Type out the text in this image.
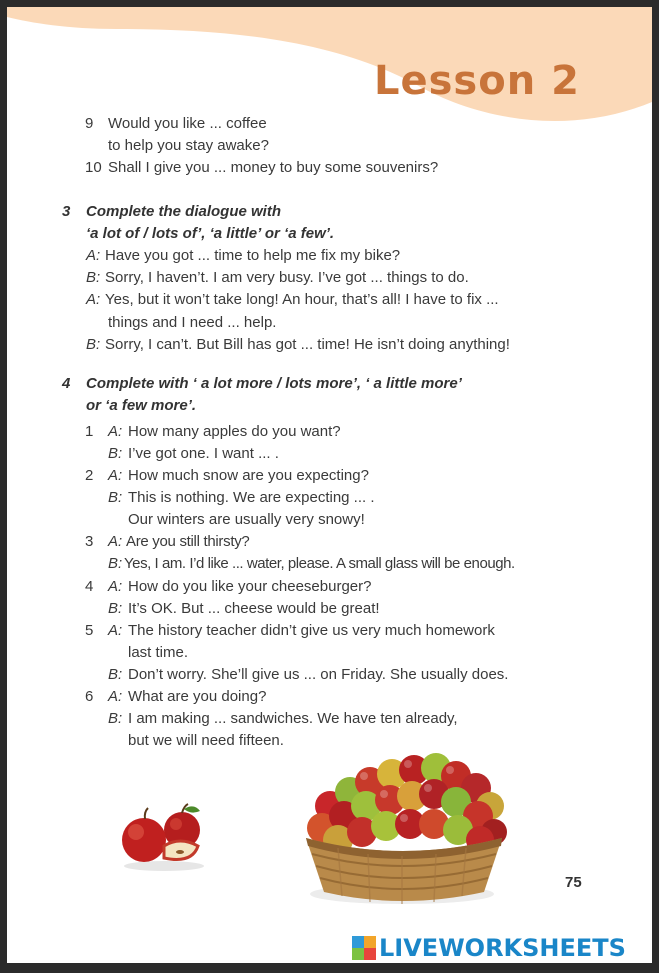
Lesson 2
9 Would you like ... coffee
to help you stay awake?
10 Shall I give you ... money to buy some souvenirs?
3 Complete the dialogue with
‘a lot of / lots of’, ‘a little’ or ‘a few’.
A: Have you got ... time to help me fix my bike?
B: Sorry, I haven’t. I am very busy. I’ve got ... things to do.
A: Yes, but it won’t take long! An hour, that’s all! I have to fix ...
things and I need ... help.
B: Sorry, I can’t. But Bill has got ... time! He isn’t doing anything!
4 Complete with ‘ a lot more / lots more’, ‘ a little more’
or ‘a few more’.
1 A: How many apples do you want?
B: I’ve got one. I want ... .
2 A: How much snow are you expecting?
B: This is nothing. We are expecting ... .
Our winters are usually very snowy!
3 A: Are you still thirsty?
B: Yes, I am. I’d like ... water, please. A small glass will be enough.
4 A: How do you like your cheeseburger?
B: It’s OK. But ... cheese would be great!
5 A: The history teacher didn’t give us very much homework
last time.
B: Don’t worry. She’ll give us ... on Friday. She usually does.
6 A: What are you doing?
B: I am making ... sandwiches. We have ten already,
but we will need fifteen.
75
LIVEWORKSHEETS
